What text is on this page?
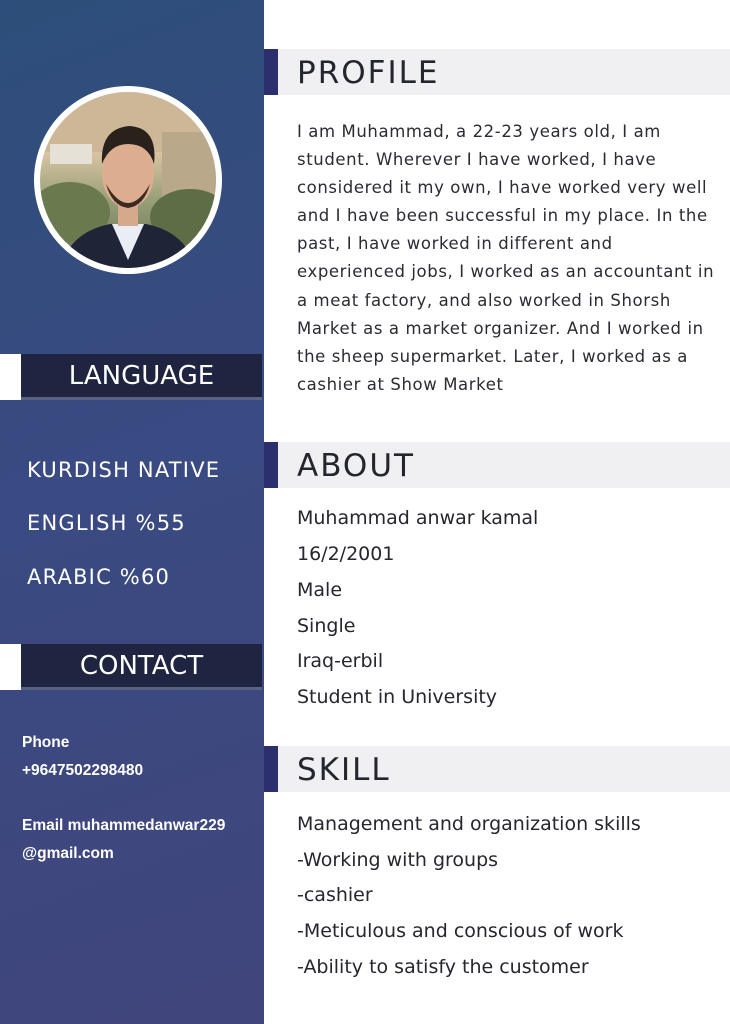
LANGUAGE
KURDISH NATIVE
ENGLISH %55
ARABIC %60
CONTACT
Phone
+9647502298480
Email muhammedanwar229
@gmail.com
PROFILE
I am Muhammad, a 22-23 years old, I am student. Wherever I have worked, I have considered it my own, I have worked very well and I have been successful in my place. In the past, I have worked in different and experienced jobs, I worked as an accountant in a meat factory, and also worked in Shorsh Market as a market organizer. And I worked in the sheep supermarket. Later, I worked as a cashier at Show Market
ABOUT
Muhammad anwar kamal
16/2/2001
Male
Single
Iraq-erbil
Student in University
SKILL
Management and organization skills
-Working with groups
-cashier
-Meticulous and conscious of work
-Ability to satisfy the customer
